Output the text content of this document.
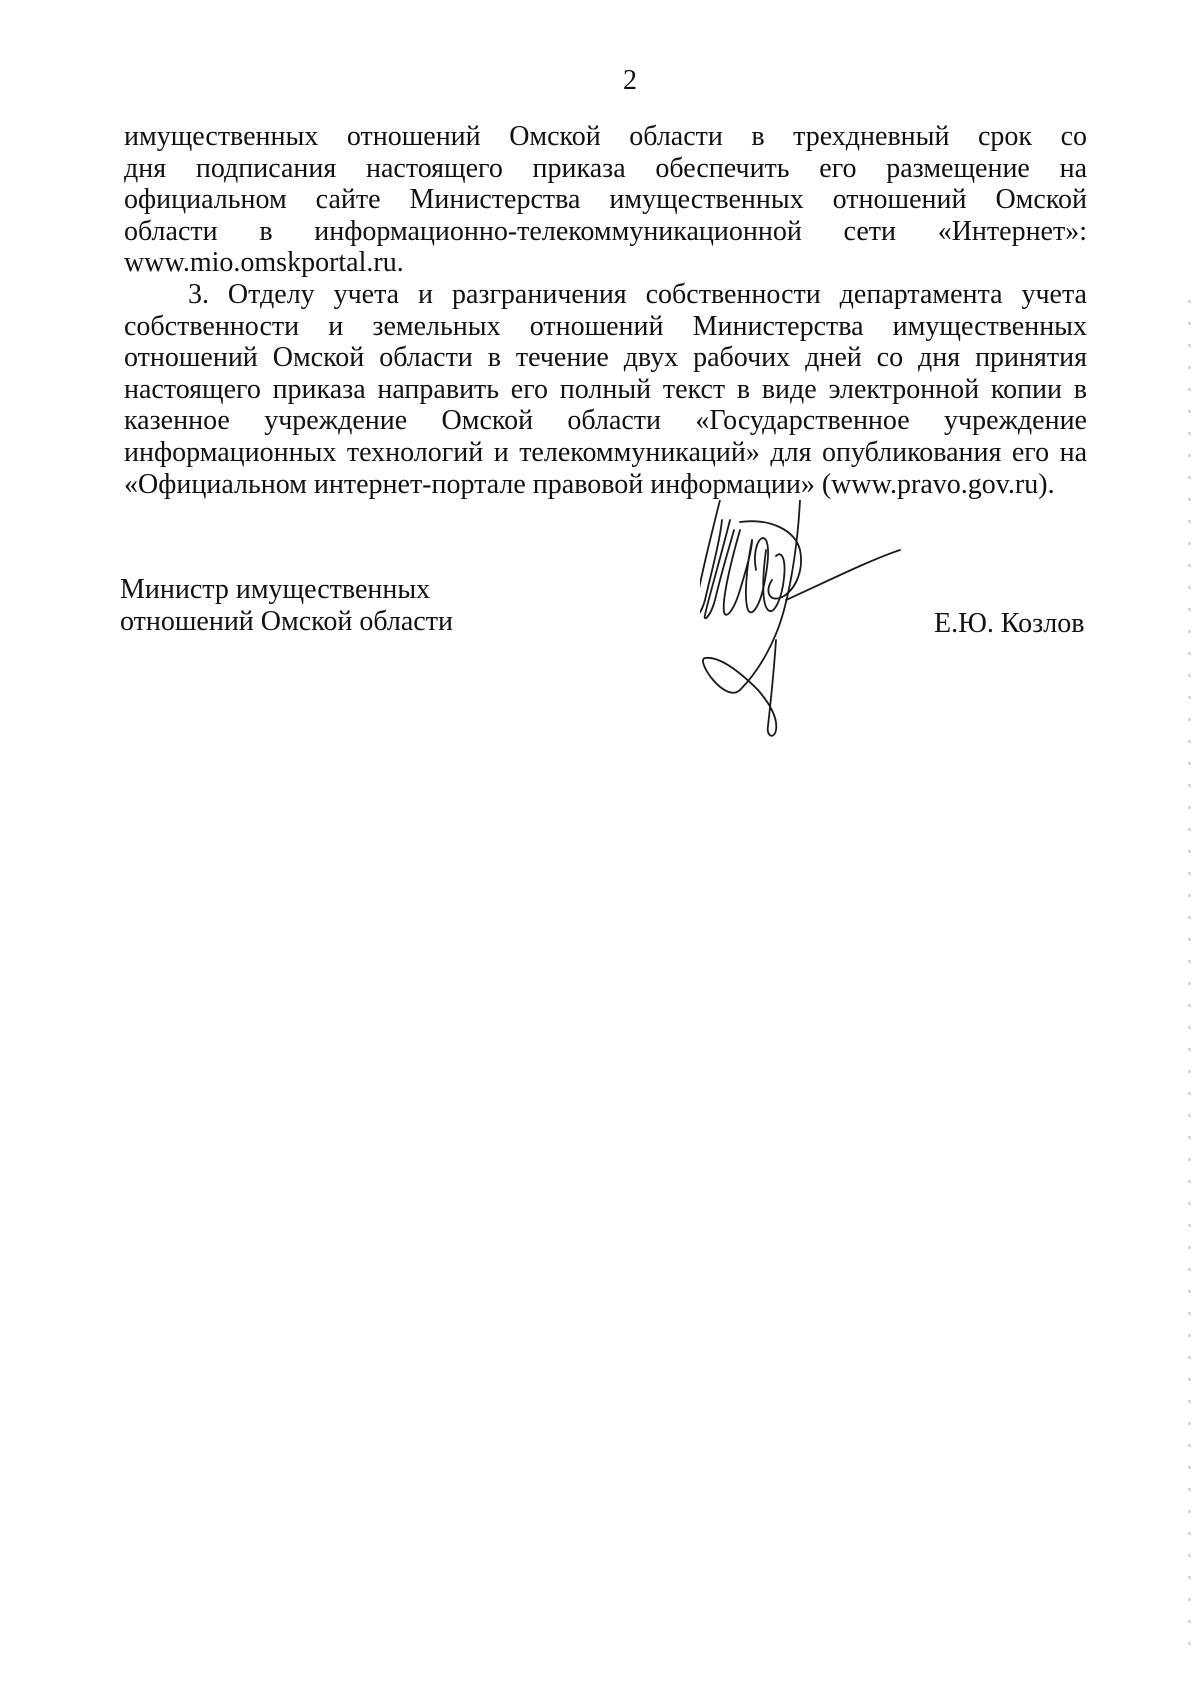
2
имущественных отношений Омской области в трехдневный срок со
дня подписания настоящего приказа обеспечить его размещение на
официальном сайте Министерства имущественных отношений Омской
области в информационно-телекоммуникационной сети «Интернет»:
www.mio.omskportal.ru.
3. Отделу учета и разграничения собственности департамента учета
собственности и земельных отношений Министерства имущественных
отношений Омской области в течение двух рабочих дней со дня принятия
настоящего приказа направить его полный текст в виде электронной копии в
казенное учреждение Омской области «Государственное учреждение
информационных технологий и телекоммуникаций» для опубликования его на
«Официальном интернет-портале правовой информации» (www.pravo.gov.ru).
Министр имущественных
отношений Омской области	Е.Ю. Козлов
